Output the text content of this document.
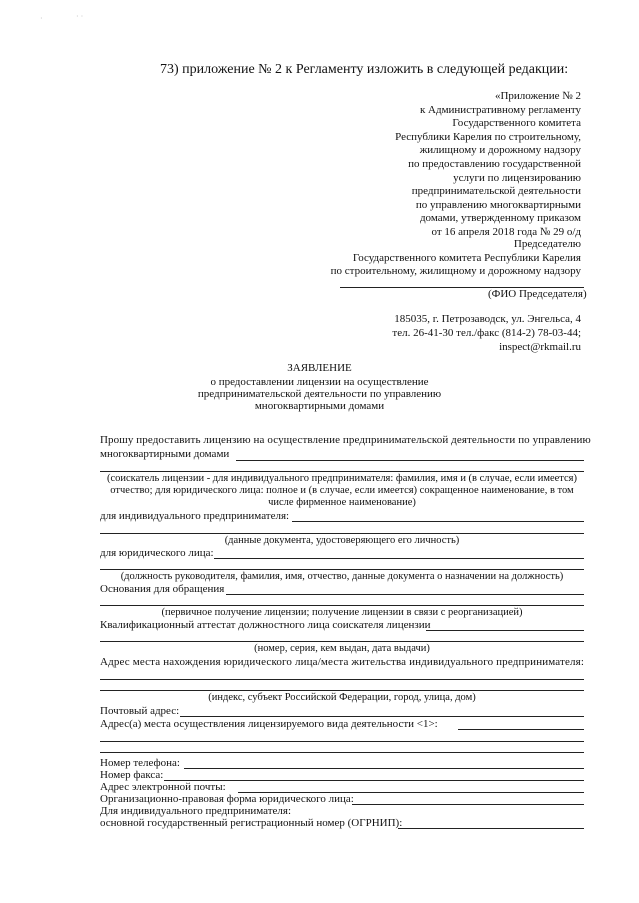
·	· ·
73) приложение № 2 к Регламенту изложить в следующей редакции:
«Приложение № 2
к Административному регламенту
Государственного комитета
Республики Карелия по строительному,
жилищному и дорожному надзору
по предоставлению государственной
услуги по лицензированию
предпринимательской деятельности
по управлению многоквартирными
домами, утвержденному приказом
от 16 апреля 2018 года № 29 о/д
Председателю
Государственного комитета Республики Карелия
по строительному, жилищному и дорожному надзору
(ФИО Председателя)
185035, г. Петрозаводск, ул. Энгельса, 4
тел. 26-41-30 тел./факс (814-2) 78-03-44;
inspect@rkmail.ru
ЗАЯВЛЕНИЕ
о предоставлении лицензии на осуществление
предпринимательской деятельности по управлению
многоквартирными домами
Прошу предоставить лицензию на осуществление предпринимательской деятельности по управлению
многоквартирными домами
(соискатель лицензии - для индивидуального предпринимателя: фамилия, имя и (в случае, если имеется) отчество; для юридического лица: полное и (в случае, если имеется) сокращенное наименование, в том числе фирменное наименование)
для индивидуального предпринимателя:
(данные документа, удостоверяющего его личность)
для юридического лица:
(должность руководителя, фамилия, имя, отчество, данные документа о назначении на должность)
Основания для обращения
(первичное получение лицензии; получение лицензии в связи с реорганизацией)
Квалификационный аттестат должностного лица соискателя лицензии
(номер, серия, кем выдан, дата выдачи)
Адрес места нахождения юридического лица/места жительства индивидуального предпринимателя:
(индекс, субъект Российской Федерации, город, улица, дом)
Почтовый адрес:
Адрес(а) места осуществления лицензируемого вида деятельности <1>:
Номер телефона:
Номер факса:
Адрес электронной почты:
Организационно-правовая форма юридического лица:
Для индивидуального предпринимателя:
основной государственный регистрационный номер (ОГРНИП):
